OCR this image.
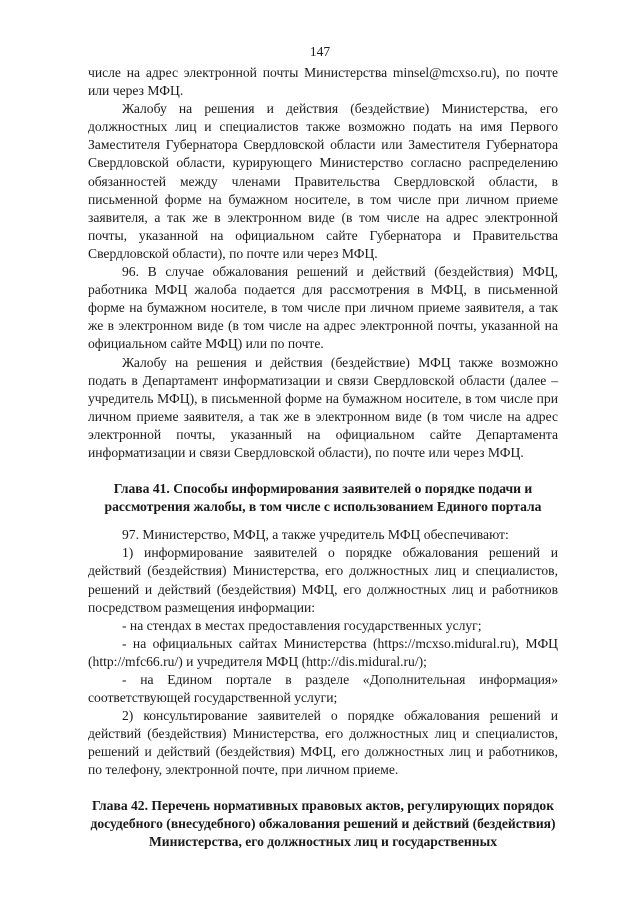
147

числе на адрес электронной почты Министерства minsel@mcxso.ru), по почте или через МФЦ.

Жалобу на решения и действия (бездействие) Министерства, его должностных лиц и специалистов также возможно подать на имя Первого Заместителя Губернатора Свердловской области или Заместителя Губернатора Свердловской области, курирующего Министерство согласно распределению обязанностей между членами Правительства Свердловской области, в письменной форме на бумажном носителе, в том числе при личном приеме заявителя, а так же в электронном виде (в том числе на адрес электронной почты, указанной на официальном сайте Губернатора и Правительства Свердловской области), по почте или через МФЦ.

96. В случае обжалования решений и действий (бездействия) МФЦ, работника МФЦ жалоба подается для рассмотрения в МФЦ, в письменной форме на бумажном носителе, в том числе при личном приеме заявителя, а так же в электронном виде (в том числе на адрес электронной почты, указанной на официальном сайте МФЦ) или по почте.

Жалобу на решения и действия (бездействие) МФЦ также возможно подать в Департамент информатизации и связи Свердловской области (далее – учредитель МФЦ), в письменной форме на бумажном носителе, в том числе при личном приеме заявителя, а так же в электронном виде (в том числе на адрес электронной почты, указанный на официальном сайте Департамента информатизации и связи Свердловской области), по почте или через МФЦ.

Глава 41. Способы информирования заявителей о порядке подачи и рассмотрения жалобы, в том числе с использованием Единого портала

97. Министерство, МФЦ, а также учредитель МФЦ обеспечивают:

1) информирование заявителей о порядке обжалования решений и действий (бездействия) Министерства, его должностных лиц и специалистов, решений и действий (бездействия) МФЦ, его должностных лиц и работников посредством размещения информации:

- на стендах в местах предоставления государственных услуг;

- на официальных сайтах Министерства (https://mcxso.midural.ru), МФЦ (http://mfc66.ru/) и учредителя МФЦ (http://dis.midural.ru/);

- на Едином портале в разделе «Дополнительная информация» соответствующей государственной услуги;

2) консультирование заявителей о порядке обжалования решений и действий (бездействия) Министерства, его должностных лиц и специалистов, решений и действий (бездействия) МФЦ, его должностных лиц и работников, по телефону, электронной почте, при личном приеме.

Глава 42. Перечень нормативных правовых актов, регулирующих порядок досудебного (внесудебного) обжалования решений и действий (бездействия) Министерства, его должностных лиц и государственных
